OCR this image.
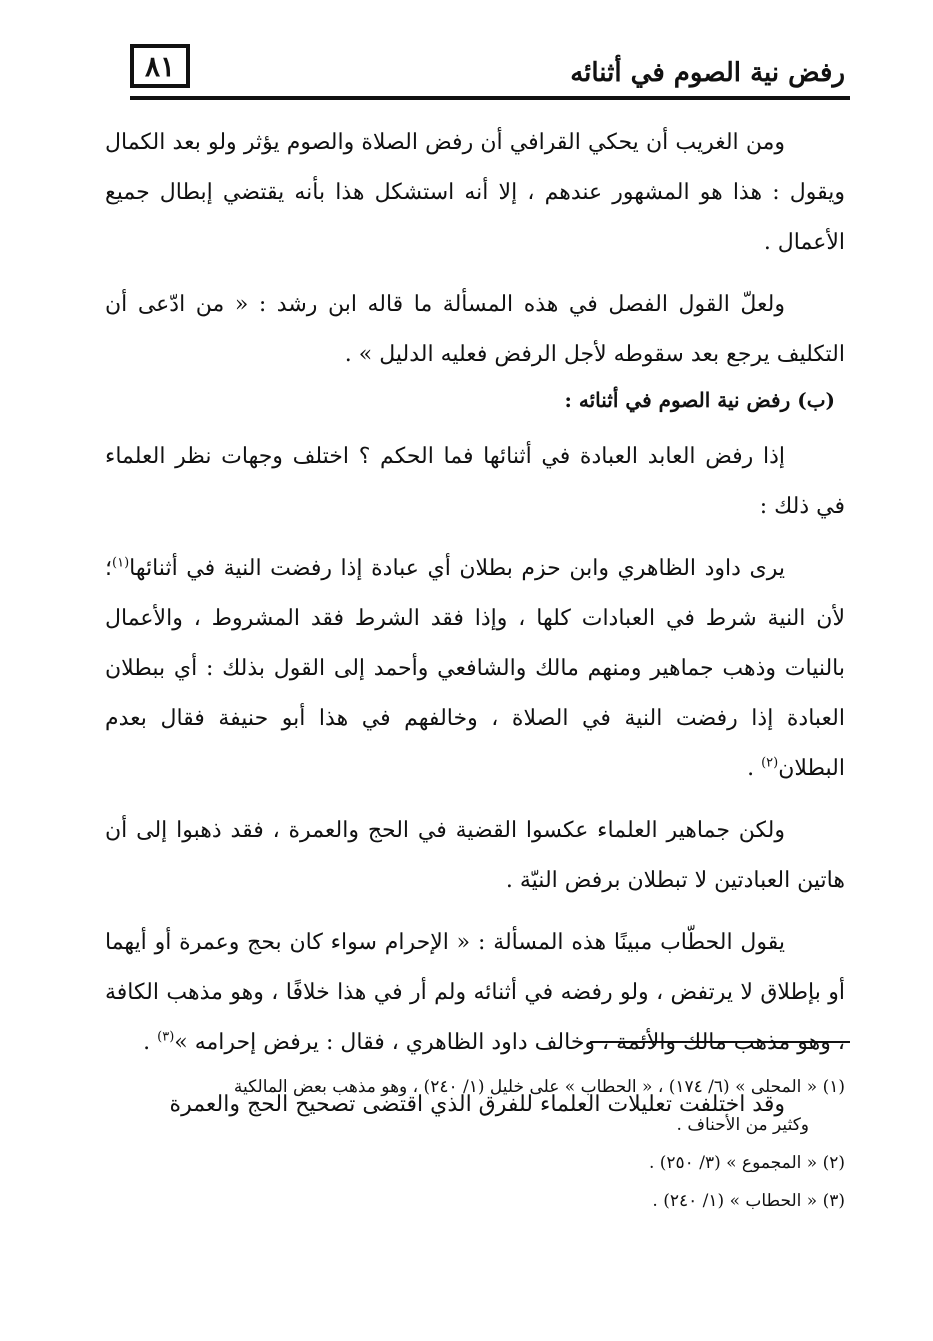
٨١	رفض نية الصوم في أثنائه

ومن الغريب أن يحكي القرافي أن رفض الصلاة والصوم يؤثر ولو بعد الكمال ويقول : هذا هو المشهور عندهم ، إلا أنه استشكل هذا بأنه يقتضي إبطال جميع الأعمال .

ولعلّ القول الفصل في هذه المسألة ما قاله ابن رشد : « من ادّعى أن التكليف يرجع بعد سقوطه لأجل الرفض فعليه الدليل » .

(ب) رفض نية الصوم في أثنائه :

إذا رفض العابد العبادة في أثنائها فما الحكم ؟ اختلف وجهات نظر العلماء في ذلك :

يرى داود الظاهري وابن حزم بطلان أي عبادة إذا رفضت النية في أثنائها$^{(١)}$؛ لأن النية شرط في العبادات كلها ، وإذا فقد الشرط فقد المشروط ، والأعمال بالنيات وذهب جماهير ومنهم مالك والشافعي وأحمد إلى القول بذلك : أي ببطلان العبادة إذا رفضت النية في الصلاة ، وخالفهم في هذا أبو حنيفة فقال بعدم البطلان$^{(٢)}$ .

ولكن جماهير العلماء عكسوا القضية في الحج والعمرة ، فقد ذهبوا إلى أن هاتين العبادتين لا تبطلان برفض النيّة .

يقول الحطّاب مبينًا هذه المسألة : « الإحرام سواء كان بحج وعمرة أو أيهما أو بإطلاق لا يرتفض ، ولو رفضه في أثنائه ولم أر في هذا خلافًا ، وهو مذهب الكافة ، وهو مذهب مالك والأئمة ، وخالف داود الظاهري ، فقال : يرفض إحرامه »$^{(٣)}$ .

وقد اختلفت تعليلات العلماء للفرق الذي اقتضى تصحيح الحج والعمرة

(١) « المحلى » (٦/ ١٧٤) ، « الحطاب » على خليل (١/ ٢٤٠) ، وهو مذهب بعض المالكية

وكثير من الأحناف .

(٢) « المجموع » (٣/ ٢٥٠) .

(٣) « الحطاب » (١/ ٢٤٠) .
